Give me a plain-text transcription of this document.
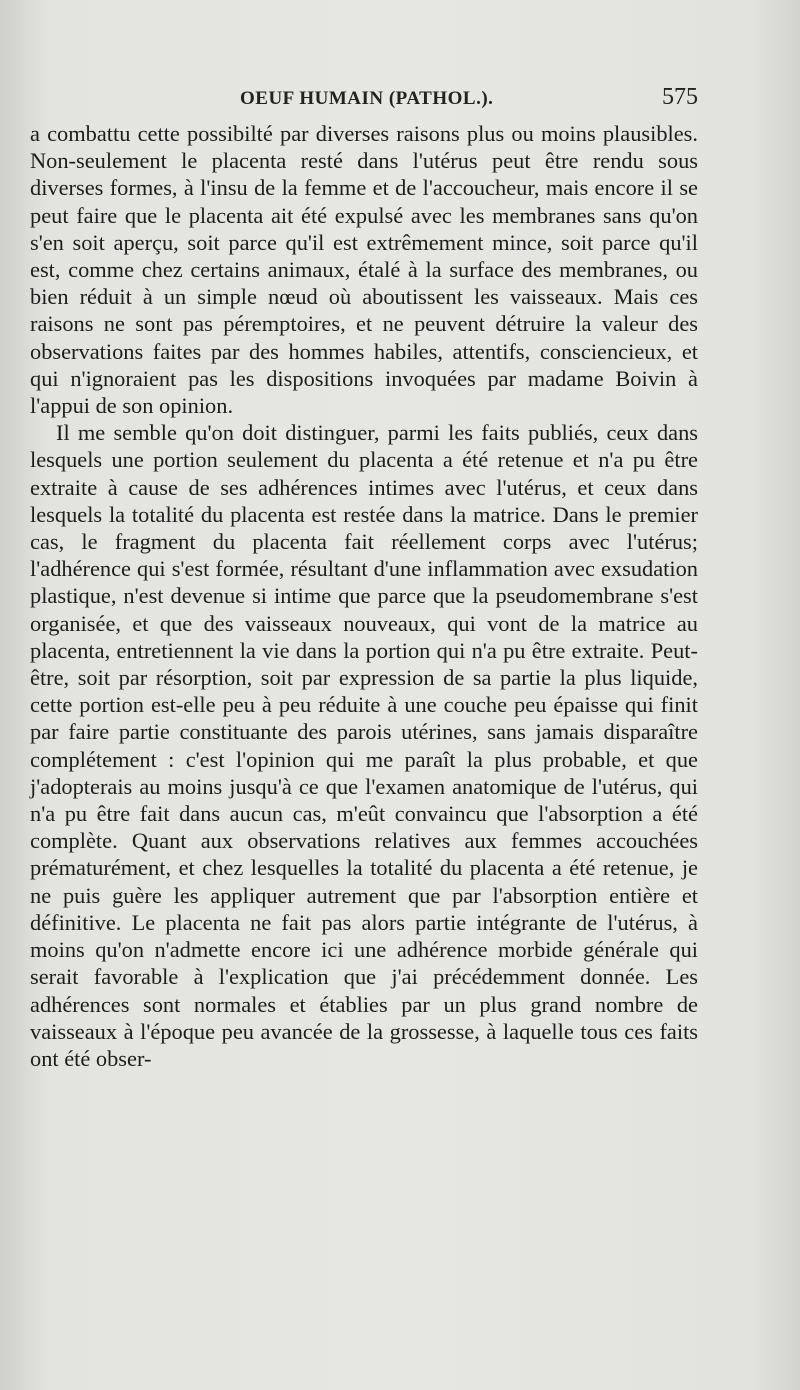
OEUF HUMAIN (PATHOL.).	575

a combattu cette possibilté par diverses raisons plus ou moins plausibles. Non-seulement le placenta resté dans l'utérus peut être rendu sous diverses formes, à l'insu de la femme et de l'accoucheur, mais encore il se peut faire que le placenta ait été expulsé avec les membranes sans qu'on s'en soit aperçu, soit parce qu'il est extrêmement mince, soit parce qu'il est, comme chez certains animaux, étalé à la surface des membranes, ou bien réduit à un simple nœud où aboutissent les vaisseaux. Mais ces raisons ne sont pas péremptoires, et ne peuvent détruire la valeur des observations faites par des hommes habiles, attentifs, consciencieux, et qui n'ignoraient pas les dispositions invoquées par madame Boivin à l'appui de son opinion.

Il me semble qu'on doit distinguer, parmi les faits publiés, ceux dans lesquels une portion seulement du placenta a été retenue et n'a pu être extraite à cause de ses adhérences intimes avec l'utérus, et ceux dans lesquels la totalité du placenta est restée dans la matrice. Dans le premier cas, le fragment du placenta fait réellement corps avec l'utérus; l'adhérence qui s'est formée, résultant d'une inflammation avec exsudation plastique, n'est devenue si intime que parce que la pseudomembrane s'est organisée, et que des vaisseaux nouveaux, qui vont de la matrice au placenta, entretiennent la vie dans la portion qui n'a pu être extraite. Peut-être, soit par résorption, soit par expression de sa partie la plus liquide, cette portion est-elle peu à peu réduite à une couche peu épaisse qui finit par faire partie constituante des parois utérines, sans jamais disparaître complétement : c'est l'opinion qui me paraît la plus probable, et que j'adopterais au moins jusqu'à ce que l'examen anatomique de l'utérus, qui n'a pu être fait dans aucun cas, m'eût convaincu que l'absorption a été complète. Quant aux observations relatives aux femmes accouchées prématurément, et chez lesquelles la totalité du placenta a été retenue, je ne puis guère les appliquer autrement que par l'absorption entière et définitive. Le placenta ne fait pas alors partie intégrante de l'utérus, à moins qu'on n'admette encore ici une adhérence morbide générale qui serait favorable à l'explication que j'ai précédemment donnée. Les adhérences sont normales et établies par un plus grand nombre de vaisseaux à l'époque peu avancée de la grossesse, à laquelle tous ces faits ont été obser-
